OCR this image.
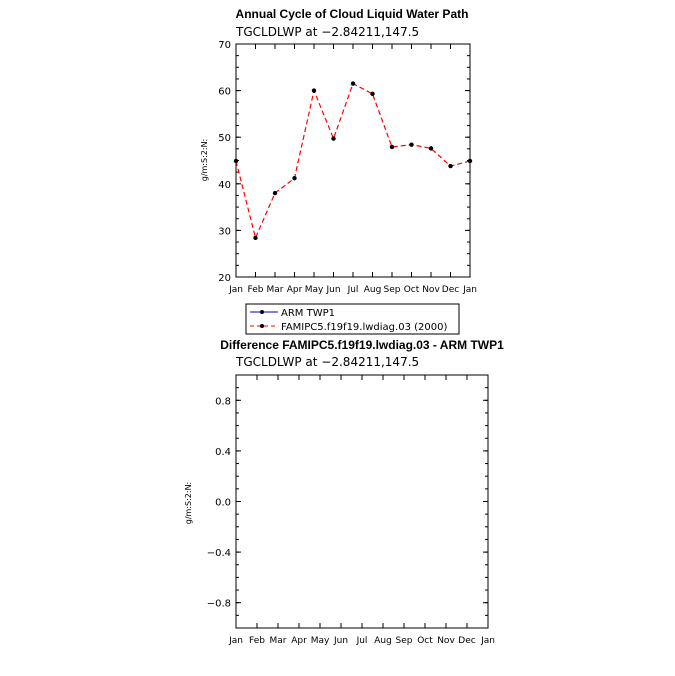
Annual Cycle of Cloud Liquid Water Path
TGCLDLWP at −2.84211,147.5
Jan Feb Mar Apr May Jun Jul Aug Sep Oct Nov Dec Jan
20
30
40
50
60
70
g/m:S:2:N:
ARM TWP1
FAMIPC5.f19f19.lwdiag.03 (2000)
Difference FAMIPC5.f19f19.lwdiag.03 - ARM TWP1
TGCLDLWP at −2.84211,147.5
Jan Feb Mar Apr May Jun Jul Aug Sep Oct Nov Dec Jan
−0.8
−0.4
0.0
0.4
0.8
g/m:S:2:N:
